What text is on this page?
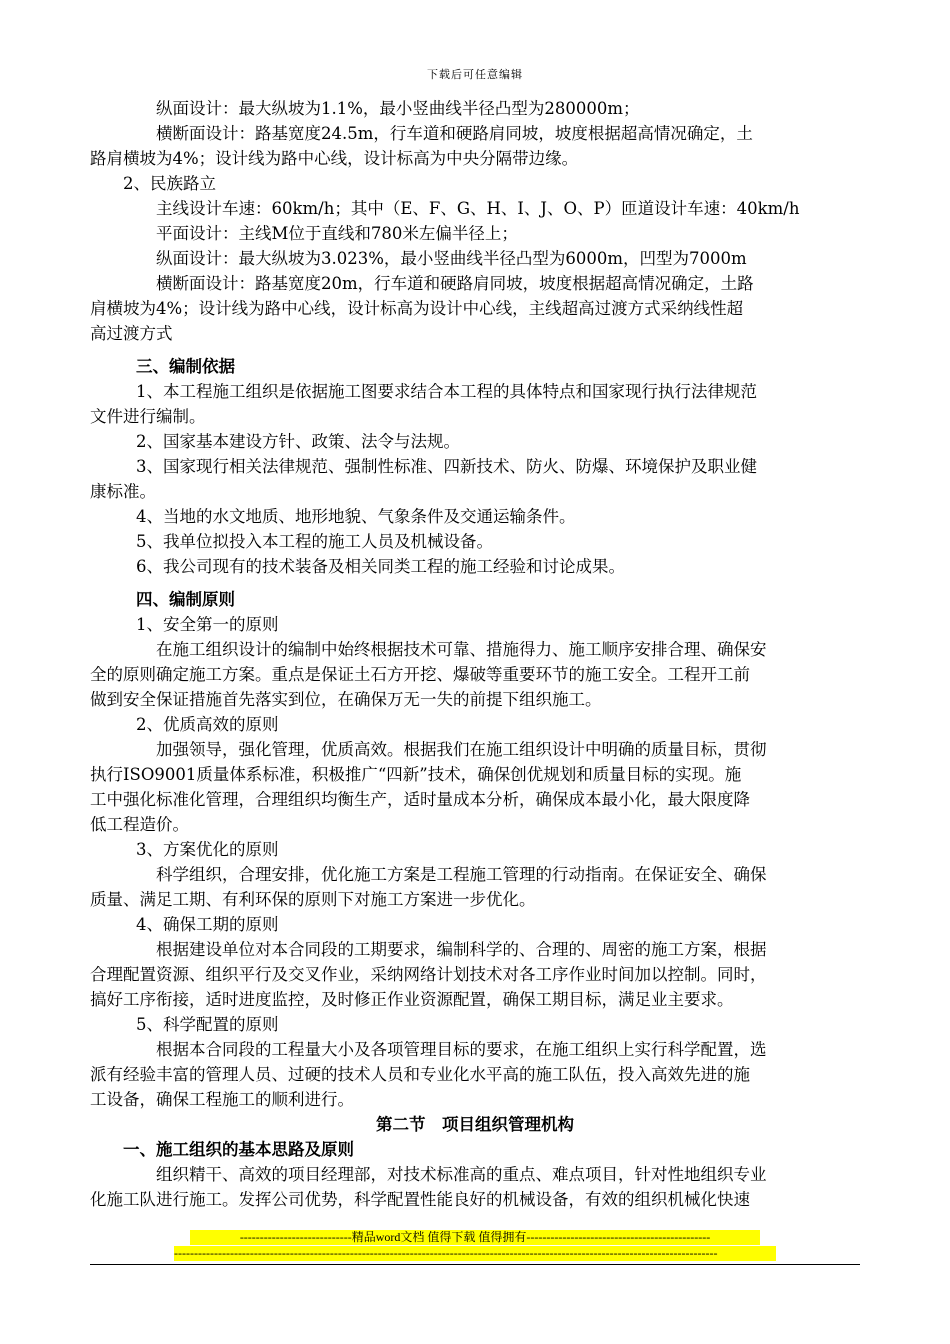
下载后可任意编辑
纵面设计：最大纵坡为1.1%，最小竖曲线半径凸型为280000m；
横断面设计：路基宽度24.5m，行车道和硬路肩同坡，坡度根据超高情况确定，土
路肩横坡为4%；设计线为路中心线，设计标高为中央分隔带边缘。
2、民族路立
主线设计车速：60km/h；其中（E、F、G、H、I、J、O、P）匝道设计车速：40km/h
平面设计：主线M位于直线和780米左偏半径上；
纵面设计：最大纵坡为3.023%，最小竖曲线半径凸型为6000m，凹型为7000m
横断面设计：路基宽度20m，行车道和硬路肩同坡，坡度根据超高情况确定，土路
肩横坡为4%；设计线为路中心线，设计标高为设计中心线，主线超高过渡方式采纳线性超
高过渡方式
三、编制依据
1、本工程施工组织是依据施工图要求结合本工程的具体特点和国家现行执行法律规范
文件进行编制。
2、国家基本建设方针、政策、法令与法规。
3、国家现行相关法律规范、强制性标准、四新技术、防火、防爆、环境保护及职业健
康标准。
4、当地的水文地质、地形地貌、气象条件及交通运输条件。
5、我单位拟投入本工程的施工人员及机械设备。
6、我公司现有的技术装备及相关同类工程的施工经验和讨论成果。
四、编制原则
1、安全第一的原则
在施工组织设计的编制中始终根据技术可靠、措施得力、施工顺序安排合理、确保安
全的原则确定施工方案。重点是保证土石方开挖、爆破等重要环节的施工安全。工程开工前
做到安全保证措施首先落实到位，在确保万无一失的前提下组织施工。
2、优质高效的原则
加强领导，强化管理，优质高效。根据我们在施工组织设计中明确的质量目标，贯彻
执行ISO9001质量体系标准，积极推广“四新”技术，确保创优规划和质量目标的实现。施
工中强化标准化管理，合理组织均衡生产，适时量成本分析，确保成本最小化，最大限度降
低工程造价。
3、方案优化的原则
科学组织，合理安排，优化施工方案是工程施工管理的行动指南。在保证安全、确保
质量、满足工期、有利环保的原则下对施工方案进一步优化。
4、确保工期的原则
根据建设单位对本合同段的工期要求，编制科学的、合理的、周密的施工方案，根据
合理配置资源、组织平行及交叉作业，采纳网络计划技术对各工序作业时间加以控制。同时，
搞好工序衔接，适时进度监控，及时修正作业资源配置，确保工期目标，满足业主要求。
5、科学配置的原则
根据本合同段的工程量大小及各项管理目标的要求，在施工组织上实行科学配置，选
派有经验丰富的管理人员、过硬的技术人员和专业化水平高的施工队伍，投入高效先进的施
工设备，确保工程施工的顺利进行。
第二节　项目组织管理机构
一、施工组织的基本思路及原则
组织精干、高效的项目经理部，对技术标准高的重点、难点项目，针对性地组织专业
化施工队进行施工。发挥公司优势，科学配置性能良好的机械设备，有效的组织机械化快速
----------------------------精品word文档 值得下载 值得拥有----------------------------------------------
----------------------------------------------------------------------------------------------------------------------------------------
